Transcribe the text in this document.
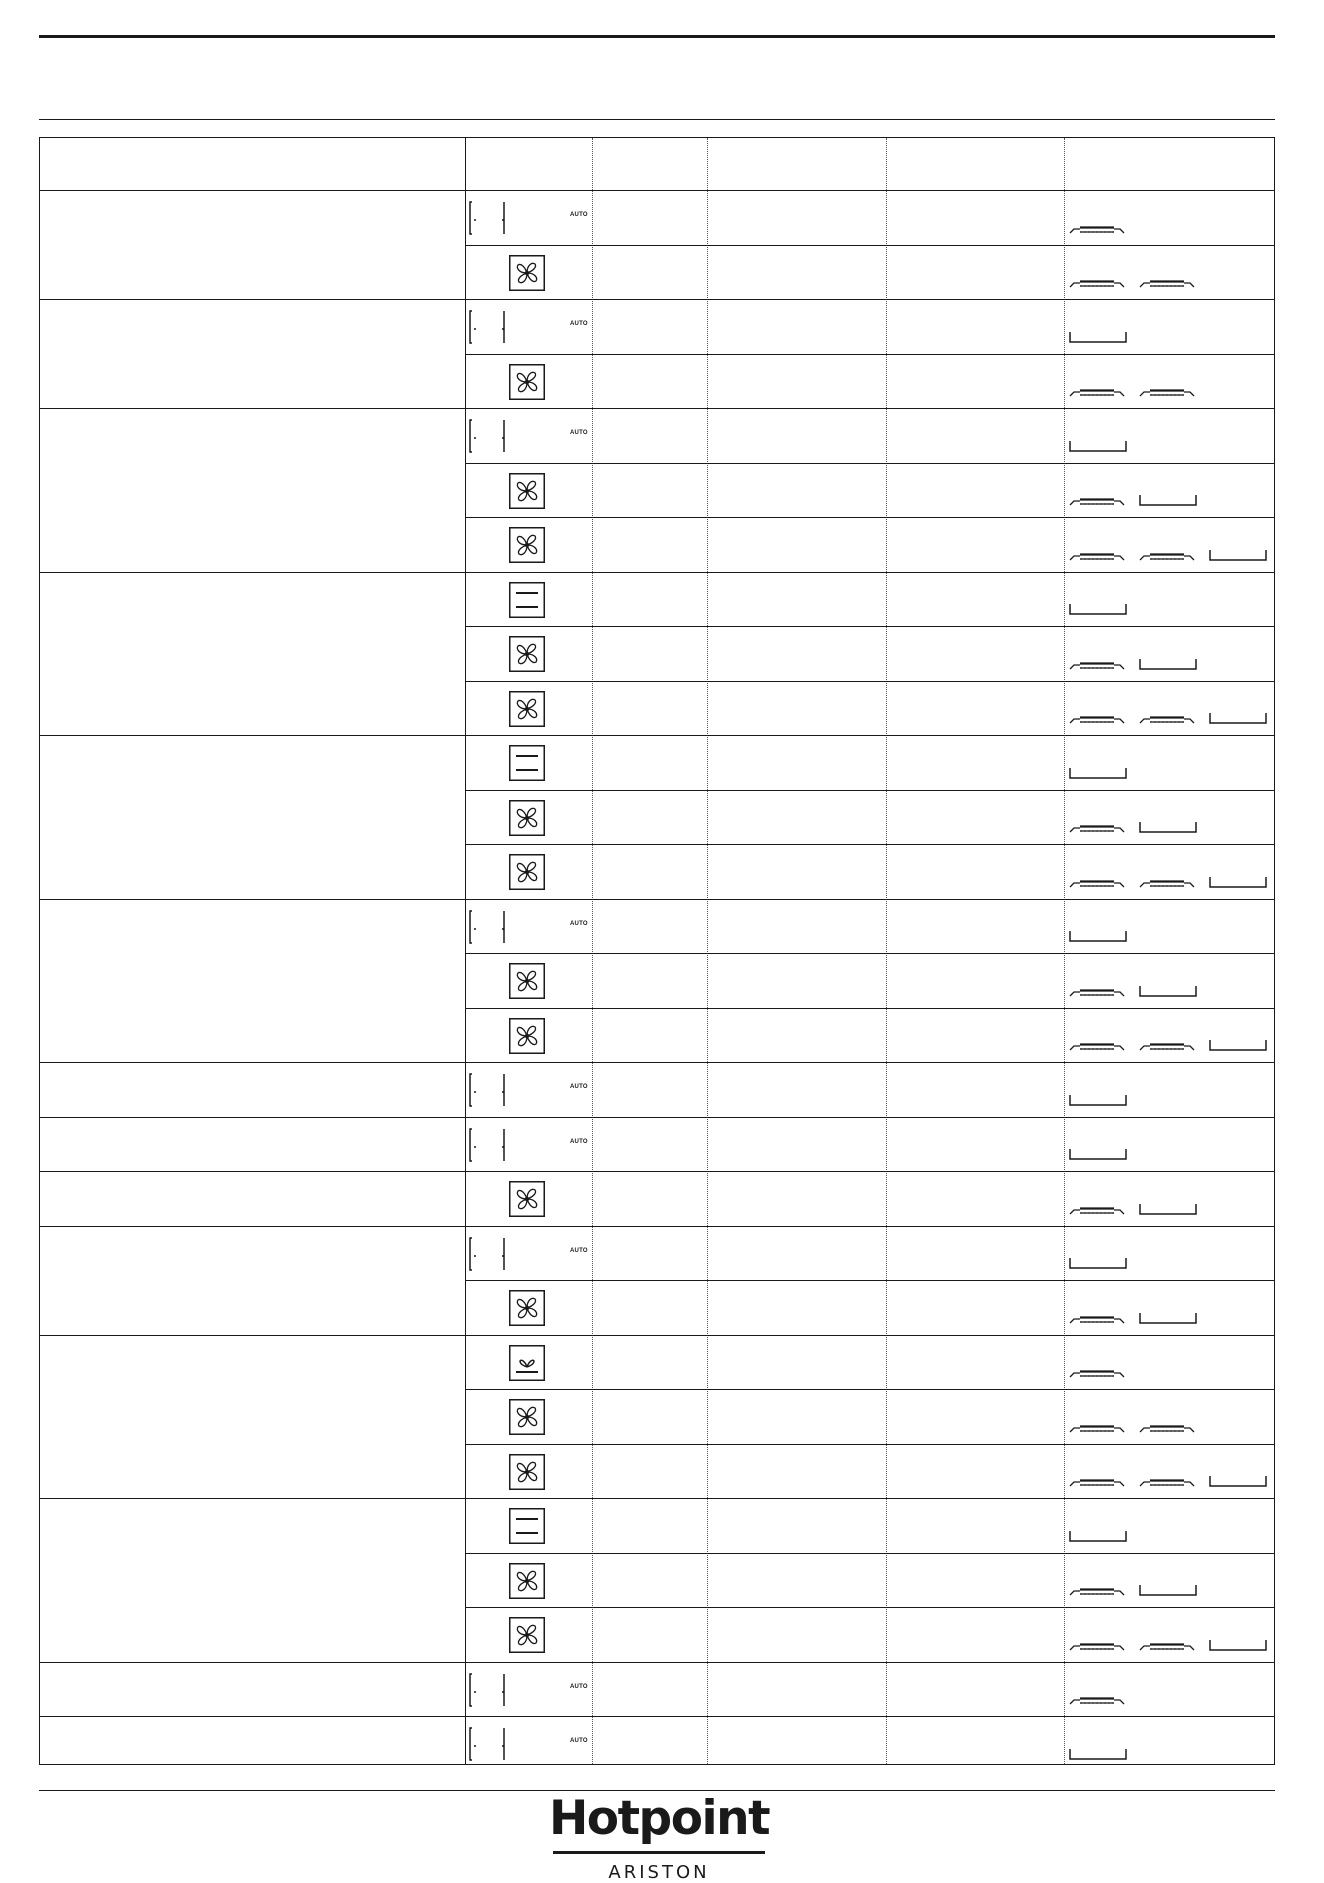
AUTO
AUTO
AUTO
AUTO
AUTO
AUTO
AUTO
AUTO
AUTO
Hotpoint
ARISTON
